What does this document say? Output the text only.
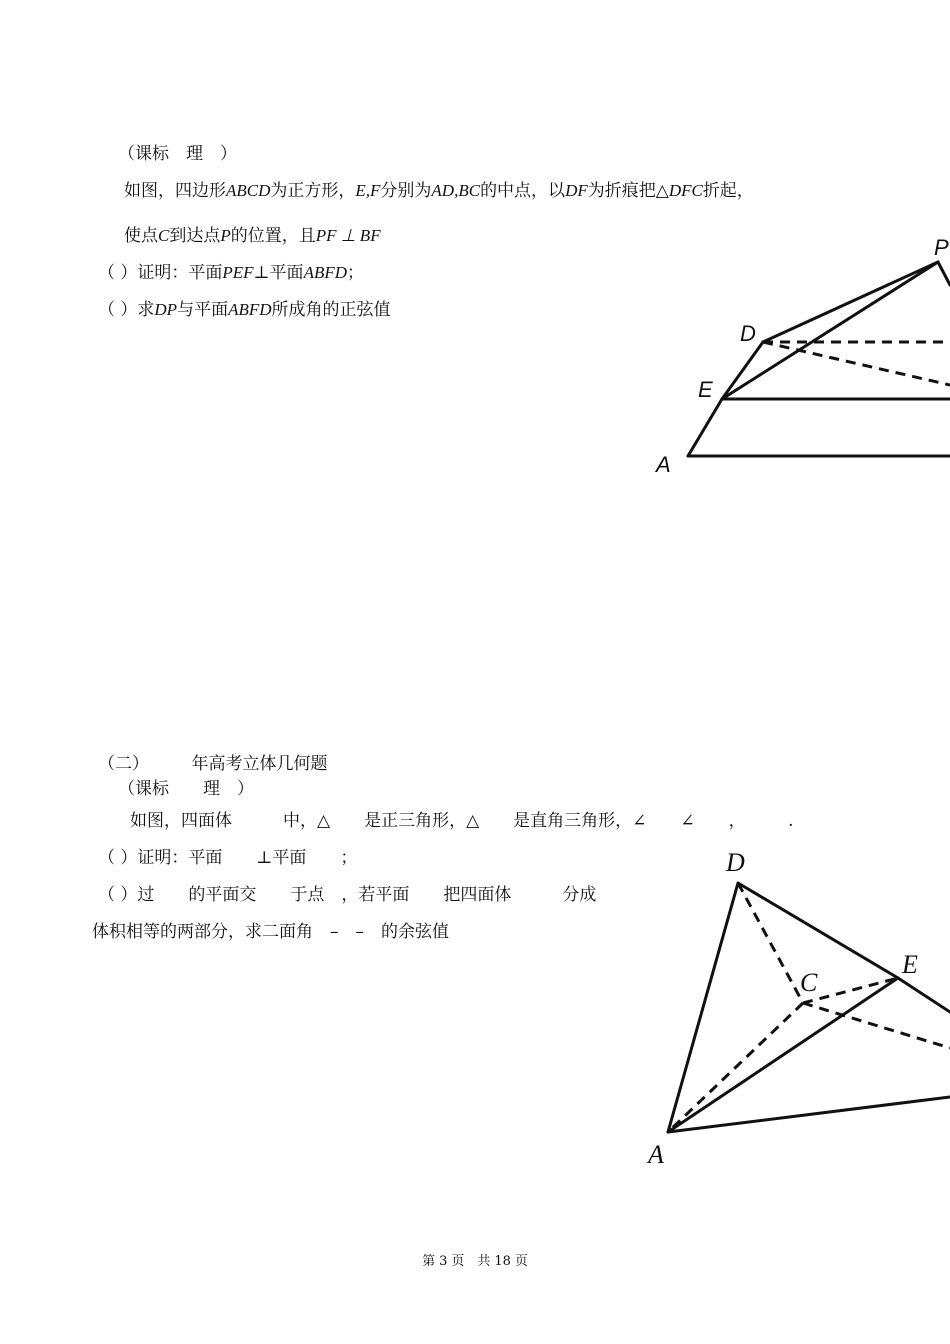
（课标　理　）
如图，四边形ABCD为正方形，E,F分别为AD,BC的中点，以DF为折痕把△DFC折起，
使点C到达点P的位置，且PF ⊥ BF
（ ）证明：平面PEF⊥平面ABFD；
（ ）求DP与平面ABFD所成角的正弦值
P
D
E
A
（二）　　　年高考立体几何题
（课标　　理　）
如图，四面体　　　中，△　　是正三角形，△　　是直角三角形，∠　　∠　　，　　　.
（ ）证明：平面　　⊥平面　　；
（ ）过　　的平面交　　于点　，若平面　　把四面体　　　分成
体积相等的两部分，求二面角　–　–　的余弦值
D
C
E
A
第 3 页　共 18 页
